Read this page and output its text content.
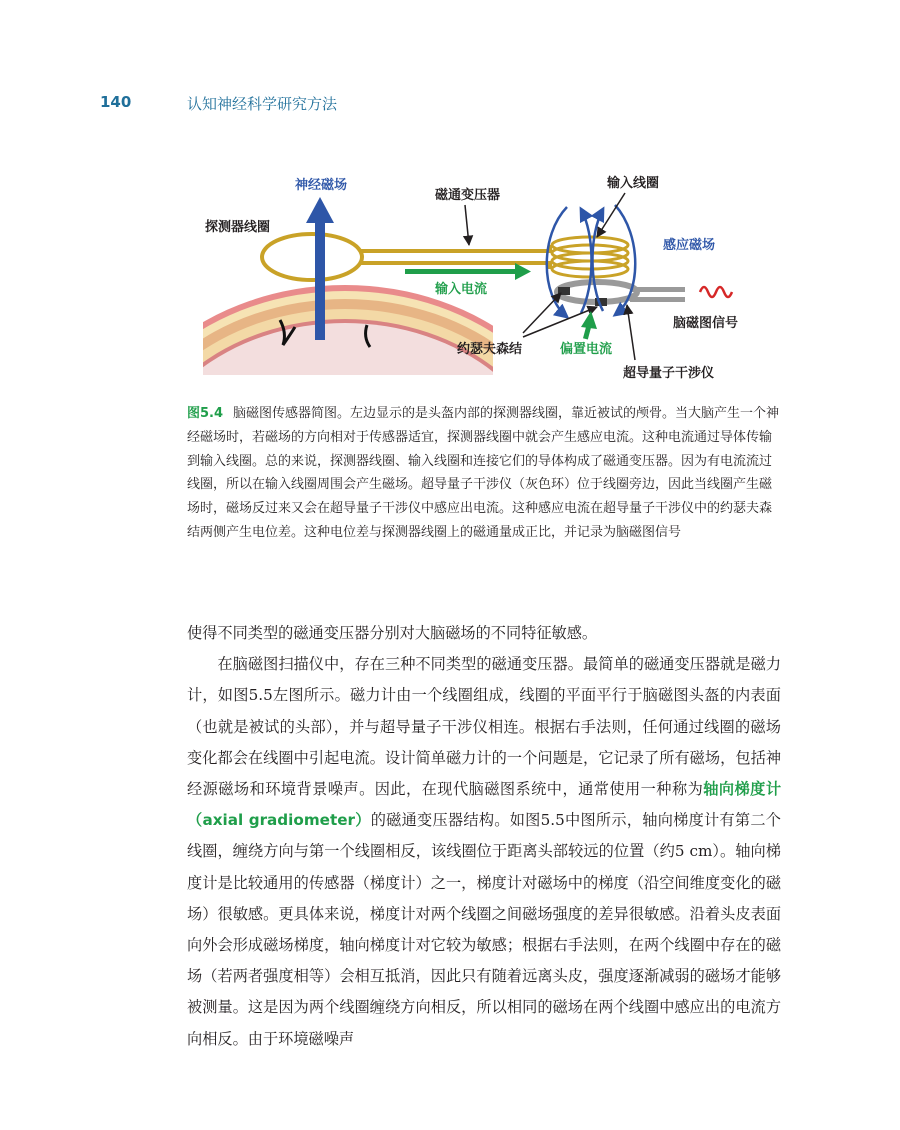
140	认知神经科学研究方法
神经磁场
探测器线圈
磁通变压器
输入线圈
感应磁场
输入电流
脑磁图信号
约瑟夫森结	偏置电流
超导量子干涉仪
图5.4 脑磁图传感器简图。左边显示的是头盔内部的探测器线圈，靠近被试的颅骨。当大脑产生一个神经磁场时，若磁场的方向相对于传感器适宜，探测器线圈中就会产生感应电流。这种电流通过导体传输到输入线圈。总的来说，探测器线圈、输入线圈和连接它们的导体构成了磁通变压器。因为有电流流过线圈，所以在输入线圈周围会产生磁场。超导量子干涉仪（灰色环）位于线圈旁边，因此当线圈产生磁场时，磁场反过来又会在超导量子干涉仪中感应出电流。这种感应电流在超导量子干涉仪中的约瑟夫森结两侧产生电位差。这种电位差与探测器线圈上的磁通量成正比，并记录为脑磁图信号

使得不同类型的磁通变压器分别对大脑磁场的不同特征敏感。

在脑磁图扫描仪中，存在三种不同类型的磁通变压器。最简单的磁通变压器就是磁力计，如图5.5左图所示。磁力计由一个线圈组成，线圈的平面平行于脑磁图头盔的内表面（也就是被试的头部），并与超导量子干涉仪相连。根据右手法则，任何通过线圈的磁场变化都会在线圈中引起电流。设计简单磁力计的一个问题是，它记录了所有磁场，包括神经源磁场和环境背景噪声。因此，在现代脑磁图系统中，通常使用一种称为轴向梯度计（axial gradiometer）的磁通变压器结构。如图5.5中图所示，轴向梯度计有第二个线圈，缠绕方向与第一个线圈相反，该线圈位于距离头部较远的位置（约5 cm）。轴向梯度计是比较通用的传感器（梯度计）之一，梯度计对磁场中的梯度（沿空间维度变化的磁场）很敏感。更具体来说，梯度计对两个线圈之间磁场强度的差异很敏感。沿着头皮表面向外会形成磁场梯度，轴向梯度计对它较为敏感；根据右手法则，在两个线圈中存在的磁场（若两者强度相等）会相互抵消，因此只有随着远离头皮，强度逐渐减弱的磁场才能够被测量。这是因为两个线圈缠绕方向相反，所以相同的磁场在两个线圈中感应出的电流方向相反。由于环境磁噪声
